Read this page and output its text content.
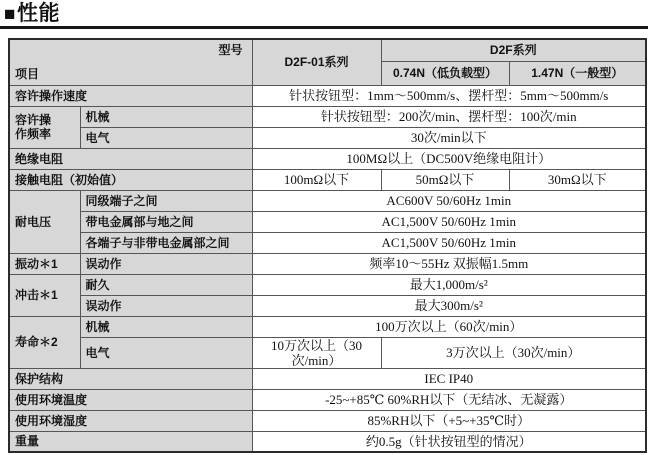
■性能
型号
项目		D2F-01系列	D2F系列	
			0.74N（低负载型）	1.47N（一般型）
容许操作速度		针状按钮型：1mm～500mm/s、摆杆型：5mm～500mm/s		
容许操作频率	机械	针状按钮型：200次/min、摆杆型：100次/min		
	电气	30次/min以下		
绝缘电阻		100MΩ以上（DC500V绝缘电阻计）		
接触电阻（初始值）		100mΩ以下	50mΩ以下	30mΩ以下
耐电压	同级端子之间	AC600V 50/60Hz 1min		
	带电金属部与地之间	AC1,500V 50/60Hz 1min		
	各端子与非带电金属部之间	AC1,500V 50/60Hz 1min		
振动＊1	误动作	频率10～55Hz 双振幅1.5mm		
冲击＊1	耐久	最大1,000m/s²		
	误动作	最大300m/s²		
寿命＊2	机械	100万次以上（60次/min）		
	电气	10万次以上（30次/min）	3万次以上（30次/min）	
保护结构		IEC IP40		
使用环境温度		-25~+85℃ 60%RH以下（无结冰、无凝露）		
使用环境湿度		85%RH以下（+5~+35℃时）		
重量		约0.5g（针状按钮型的情况）		
